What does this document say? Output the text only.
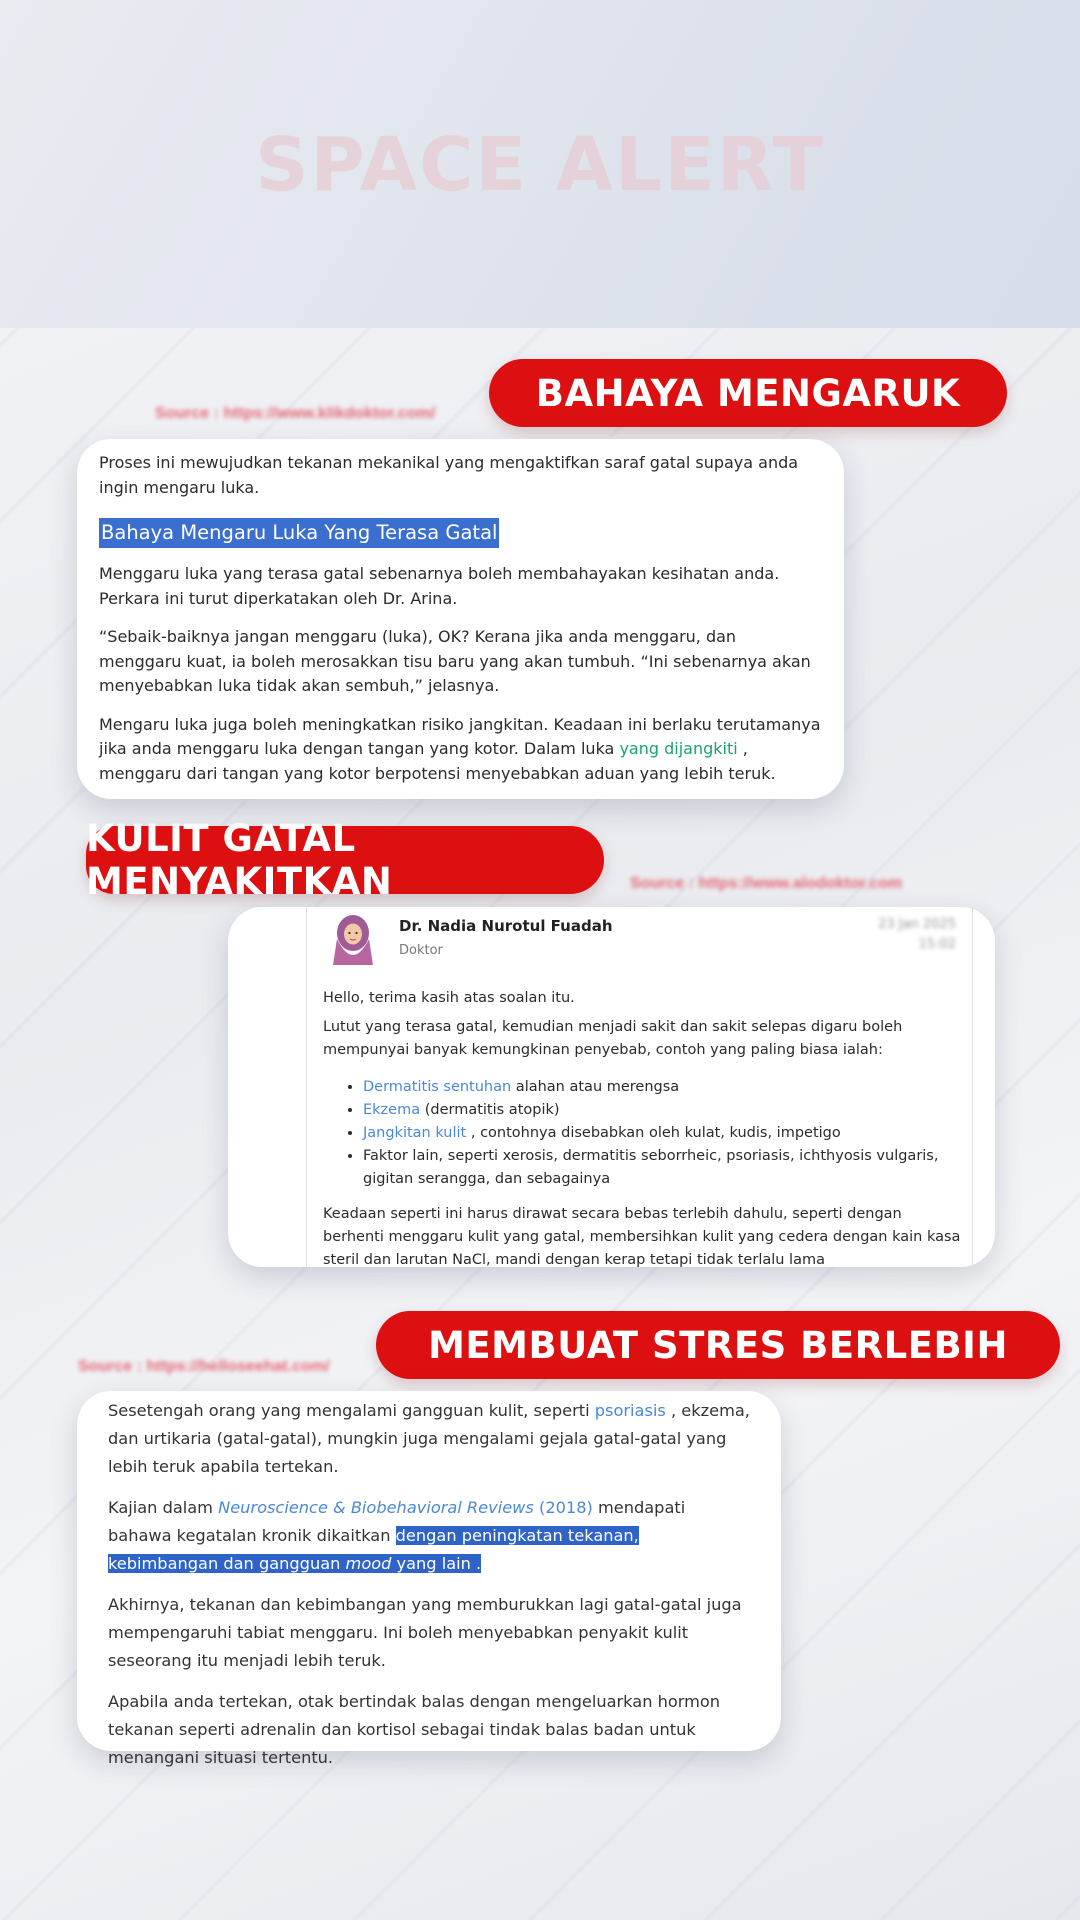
SPACE ALERT
BAHAYA MENGARUK
Source : https://www.klikdoktor.com/

Proses ini mewujudkan tekanan mekanikal yang mengaktifkan saraf gatal supaya anda ingin mengaru luka.

Bahaya Mengaru Luka Yang Terasa Gatal

Menggaru luka yang terasa gatal sebenarnya boleh membahayakan kesihatan anda. Perkara ini turut diperkatakan oleh Dr. Arina.

“Sebaik-baiknya jangan menggaru (luka), OK? Kerana jika anda menggaru, dan menggaru kuat, ia boleh merosakkan tisu baru yang akan tumbuh. “Ini sebenarnya akan menyebabkan luka tidak akan sembuh,” jelasnya.

Mengaru luka juga boleh meningkatkan risiko jangkitan. Keadaan ini berlaku terutamanya jika anda menggaru luka dengan tangan yang kotor. Dalam luka yang dijangkiti , menggaru dari tangan yang kotor berpotensi menyebabkan aduan yang lebih teruk.

KULIT GATAL MENYAKITKAN	Source : https://www.alodoktor.com
Dr. Nadia Nurotul Fuadah
Doktor
23 Jan 2025
15:02

Hello, terima kasih atas soalan itu.

Lutut yang terasa gatal, kemudian menjadi sakit dan sakit selepas digaru boleh mempunyai banyak kemungkinan penyebab, contoh yang paling biasa ialah:

• Dermatitis sentuhan alahan atau merengsa
• Ekzema (dermatitis atopik)
• Jangkitan kulit , contohnya disebabkan oleh kulat, kudis, impetigo
• Faktor lain, seperti xerosis, dermatitis seborrheic, psoriasis, ichthyosis vulgaris, gigitan serangga, dan sebagainya

Keadaan seperti ini harus dirawat secara bebas terlebih dahulu, seperti dengan berhenti menggaru kulit yang gatal, membersihkan kulit yang cedera dengan kain kasa steril dan larutan NaCl, mandi dengan kerap tetapi tidak terlalu lama

MEMBUAT STRES BERLEBIH
Source : https://helloseehat.com/

Sesetengah orang yang mengalami gangguan kulit, seperti psoriasis , ekzema, dan urtikaria (gatal-gatal), mungkin juga mengalami gejala gatal-gatal yang lebih teruk apabila tertekan.

Kajian dalam Neuroscience & Biobehavioral Reviews (2018) mendapati bahawa kegatalan kronik dikaitkan dengan peningkatan tekanan, kebimbangan dan gangguan mood yang lain .

Akhirnya, tekanan dan kebimbangan yang memburukkan lagi gatal-gatal juga mempengaruhi tabiat menggaru. Ini boleh menyebabkan penyakit kulit seseorang itu menjadi lebih teruk.

Apabila anda tertekan, otak bertindak balas dengan mengeluarkan hormon tekanan seperti adrenalin dan kortisol sebagai tindak balas badan untuk menangani situasi tertentu.
